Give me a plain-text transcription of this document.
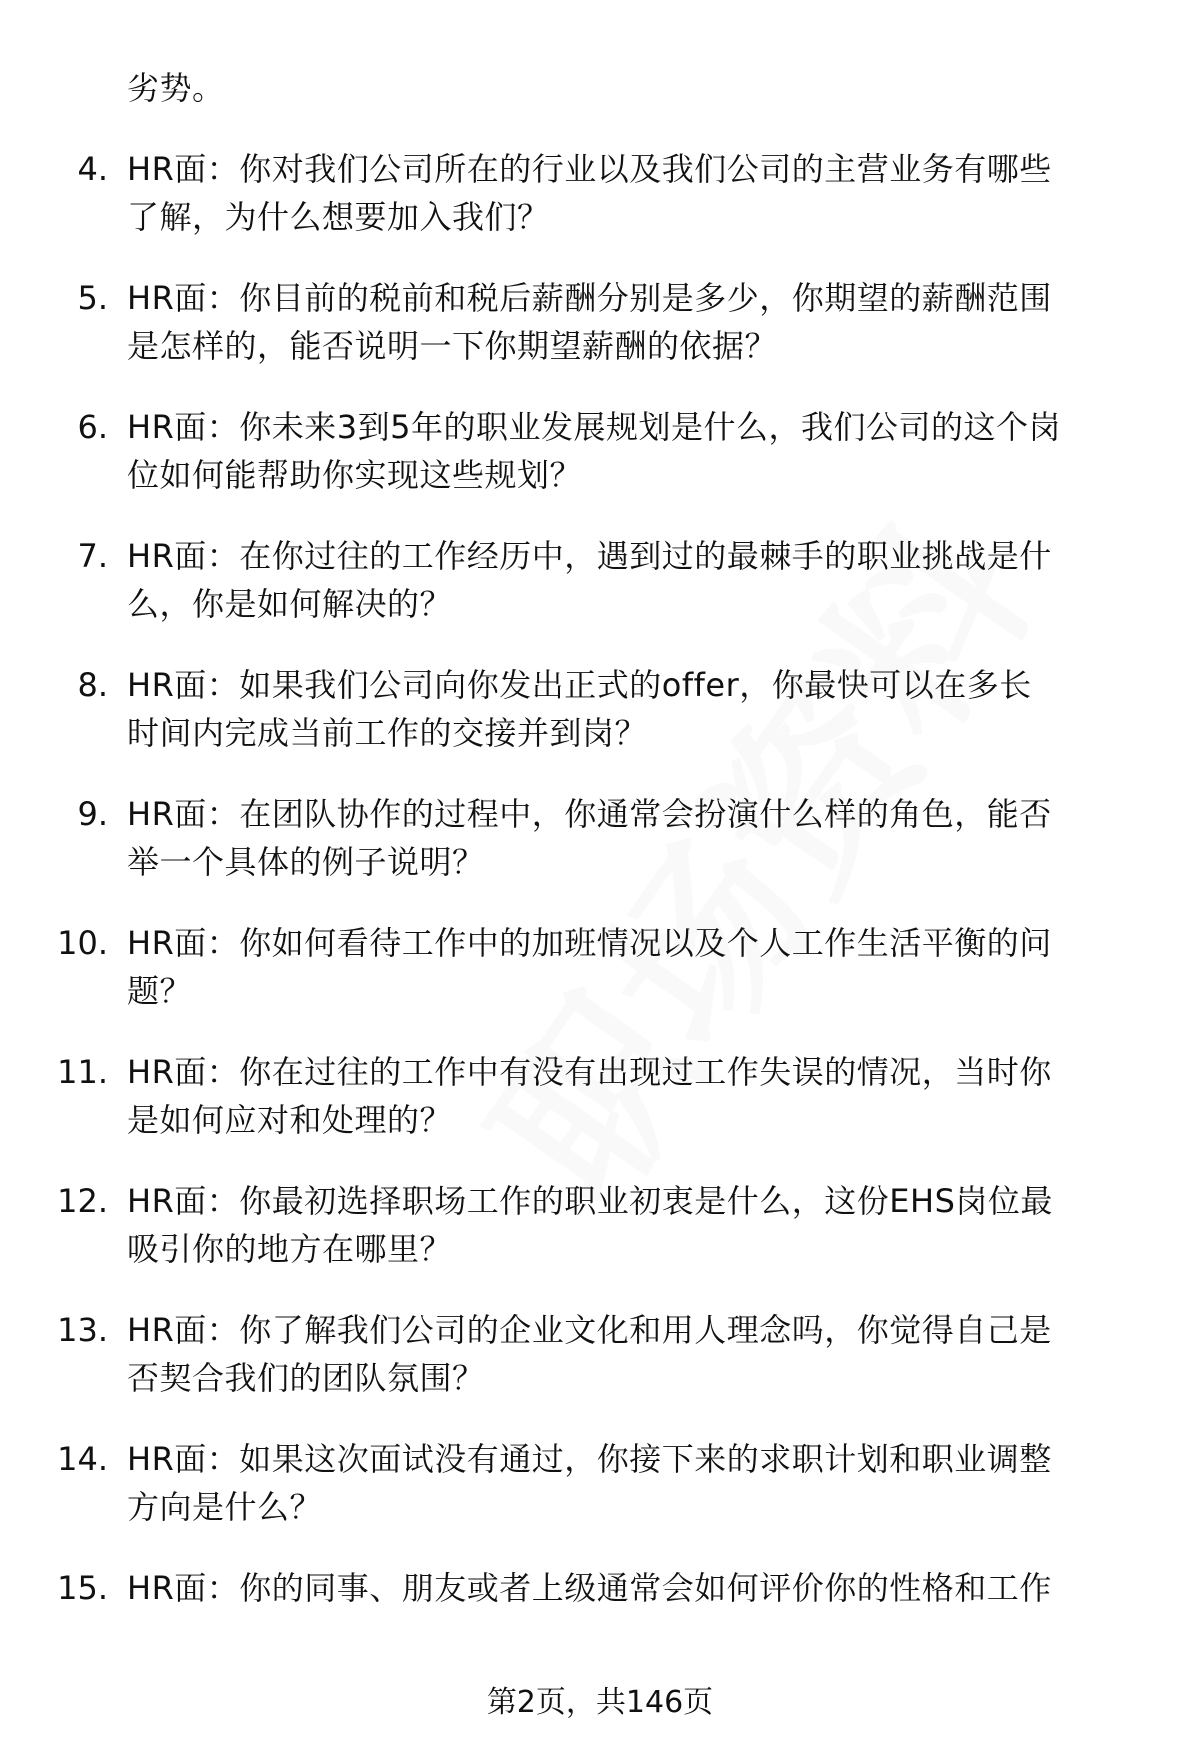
劣势。
4. HR面：你对我们公司所在的行业以及我们公司的主营业务有哪些
了解，为什么想要加入我们？
5. HR面：你目前的税前和税后薪酬分别是多少，你期望的薪酬范围
是怎样的，能否说明一下你期望薪酬的依据？
6. HR面：你未来3到5年的职业发展规划是什么，我们公司的这个岗
位如何能帮助你实现这些规划？
7. HR面：在你过往的工作经历中，遇到过的最棘手的职业挑战是什
么，你是如何解决的？
8. HR面：如果我们公司向你发出正式的offer，你最快可以在多长
时间内完成当前工作的交接并到岗？
9. HR面：在团队协作的过程中，你通常会扮演什么样的角色，能否
举一个具体的例子说明？
10. HR面：你如何看待工作中的加班情况以及个人工作生活平衡的问
题？
11. HR面：你在过往的工作中有没有出现过工作失误的情况，当时你
是如何应对和处理的？
12. HR面：你最初选择职场工作的职业初衷是什么，这份EHS岗位最
吸引你的地方在哪里？
13. HR面：你了解我们公司的企业文化和用人理念吗，你觉得自己是
否契合我们的团队氛围？
14. HR面：如果这次面试没有通过，你接下来的求职计划和职业调整
方向是什么？
15. HR面：你的同事、朋友或者上级通常会如何评价你的性格和工作
第2页，共146页
